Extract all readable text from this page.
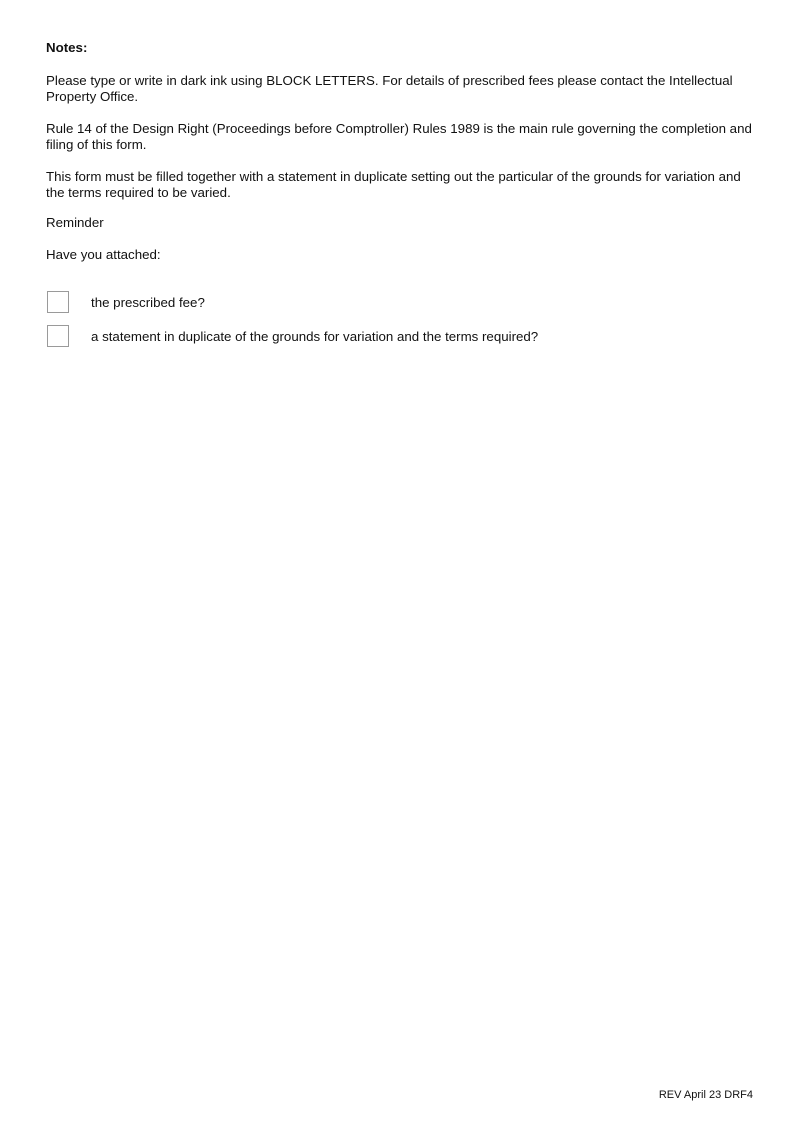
Notes:

Please type or write in dark ink using BLOCK LETTERS. For details of prescribed fees please contact the Intellectual Property Office.

Rule 14 of the Design Right (Proceedings before Comptroller) Rules 1989 is the main rule governing the completion and filing of this form.

This form must be filled together with a statement in duplicate setting out the particular of the grounds for variation and the terms required to be varied.

Reminder

Have you attached:

the prescribed fee?
a statement in duplicate of the grounds for variation and the terms required?
REV April 23 DRF4
